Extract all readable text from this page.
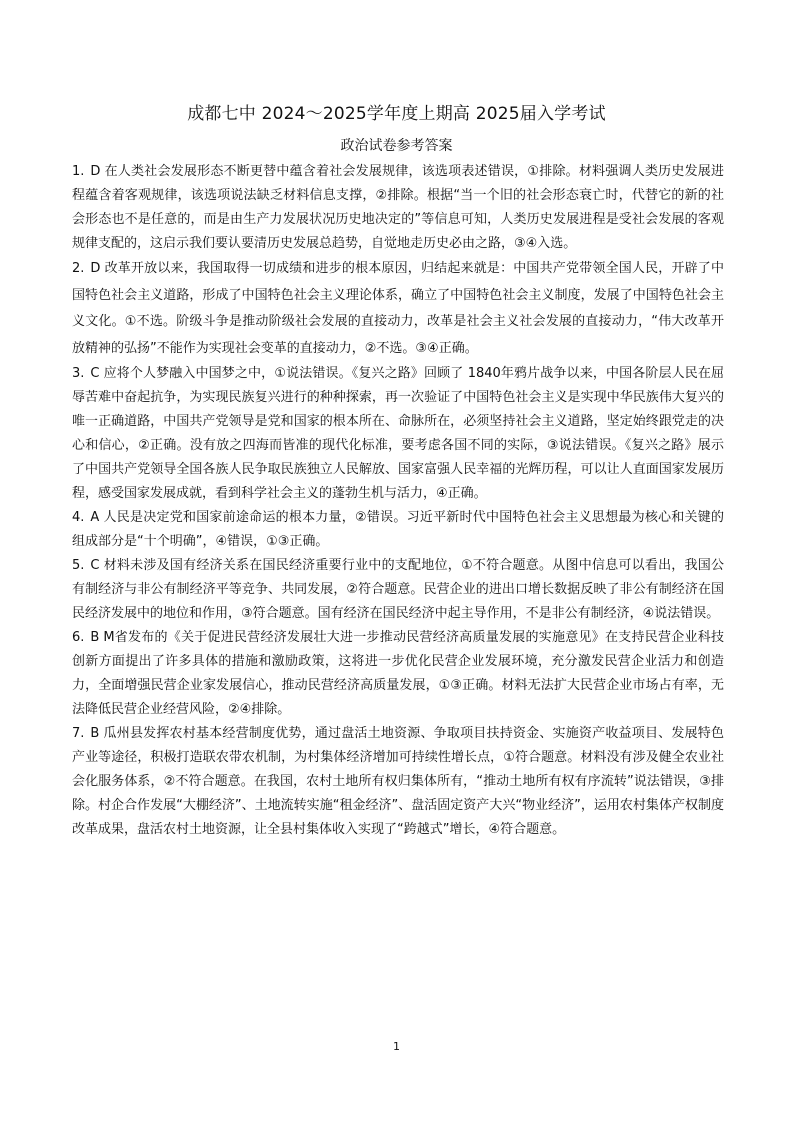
成都七中 2024～2025学年度上期高 2025届入学考试
政治试卷参考答案

1. D 在人类社会发展形态不断更替中蕴含着社会发展规律，该选项表述错误，①排除。材料强调人类历史发展进程蕴含着客观规律，该选项说法缺乏材料信息支撑，②排除。根据“当一个旧的社会形态衰亡时，代替它的新的社会形态也不是任意的，而是由生产力发展状况历史地决定的”等信息可知，人类历史发展进程是受社会发展的客观规律支配的，这启示我们要认要清历史发展总趋势，自觉地走历史必由之路，③④入选。

2. D 改革开放以来，我国取得一切成绩和进步的根本原因，归结起来就是：中国共产党带领全国人民，开辟了中国特色社会主义道路，形成了中国特色社会主义理论体系，确立了中国特色社会主义制度，发展了中国特色社会主义文化。①不选。阶级斗争是推动阶级社会发展的直接动力，改革是社会主义社会发展的直接动力，“伟大改革开放精神的弘扬”不能作为实现社会变革的直接动力，②不选。③④正确。

3. C 应将个人梦融入中国梦之中，①说法错误。《复兴之路》回顾了 1840年鸦片战争以来，中国各阶层人民在屈辱苦难中奋起抗争，为实现民族复兴进行的种种探索，再一次验证了中国特色社会主义是实现中华民族伟大复兴的唯一正确道路，中国共产党领导是党和国家的根本所在、命脉所在，必须坚持社会主义道路，坚定始终跟党走的决心和信心，②正确。没有放之四海而皆准的现代化标准，要考虑各国不同的实际，③说法错误。《复兴之路》展示了中国共产党领导全国各族人民争取民族独立人民解放、国家富强人民幸福的光辉历程，可以让人直面国家发展历程，感受国家发展成就，看到科学社会主义的蓬勃生机与活力，④正确。

4. A 人民是决定党和国家前途命运的根本力量，②错误。习近平新时代中国特色社会主义思想最为核心和关键的组成部分是“十个明确”，④错误，①③正确。

5. C 材料未涉及国有经济关系在国民经济重要行业中的支配地位，①不符合题意。从图中信息可以看出，我国公有制经济与非公有制经济平等竞争、共同发展，②符合题意。民营企业的进出口增长数据反映了非公有制经济在国民经济发展中的地位和作用，③符合题意。国有经济在国民经济中起主导作用，不是非公有制经济，④说法错误。

6. B M省发布的《关于促进民营经济发展壮大进一步推动民营经济高质量发展的实施意见》在支持民营企业科技创新方面提出了许多具体的措施和激励政策，这将进一步优化民营企业发展环境，充分激发民营企业活力和创造力，全面增强民营企业家发展信心，推动民营经济高质量发展，①③正确。材料无法扩大民营企业市场占有率，无法降低民营企业经营风险，②④排除。

7. B 瓜州县发挥农村基本经营制度优势，通过盘活土地资源、争取项目扶持资金、实施资产收益项目、发展特色产业等途径，积极打造联农带农机制，为村集体经济增加可持续性增长点，①符合题意。材料没有涉及健全农业社会化服务体系，②不符合题意。在我国，农村土地所有权归集体所有，“推动土地所有权有序流转”说法错误，③排除。村企合作发展“大棚经济”、土地流转实施“租金经济”、盘活固定资产大兴“物业经济”，运用农村集体产权制度改革成果，盘活农村土地资源，让全县村集体收入实现了“跨越式”增长，④符合题意。

1
